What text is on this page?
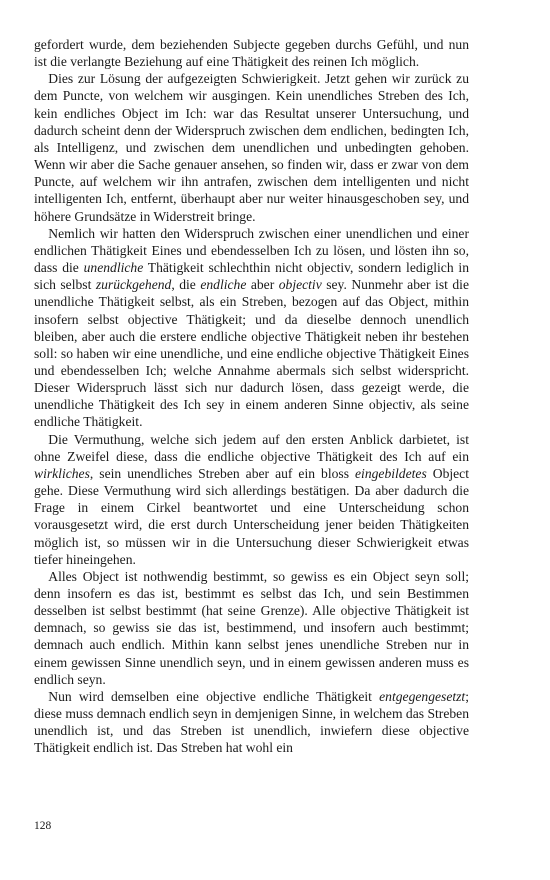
gefordert wurde, dem beziehenden Subjecte gegeben durchs Gefühl, und nun ist die verlangte Beziehung auf eine Thätigkeit des reinen Ich möglich.

Dies zur Lösung der aufgezeigten Schwierigkeit. Jetzt gehen wir zurück zu dem Puncte, von welchem wir ausgingen. Kein unendliches Streben des Ich, kein endliches Object im Ich: war das Resultat unserer Untersuchung, und dadurch scheint denn der Widerspruch zwischen dem endlichen, bedingten Ich, als Intelligenz, und zwischen dem unendlichen und unbedingten gehoben. Wenn wir aber die Sache genauer ansehen, so finden wir, dass er zwar von dem Puncte, auf welchem wir ihn antrafen, zwischen dem intelligenten und nicht intelligenten Ich, entfernt, überhaupt aber nur weiter hinausgeschoben sey, und höhere Grundsätze in Widerstreit bringe.

Nemlich wir hatten den Widerspruch zwischen einer unendlichen und einer endlichen Thätigkeit Eines und ebendesselben Ich zu lösen, und lösten ihn so, dass die unendliche Thätigkeit schlechthin nicht objectiv, sondern lediglich in sich selbst zurückgehend, die endliche aber objectiv sey. Nunmehr aber ist die unendliche Thätigkeit selbst, als ein Streben, bezogen auf das Object, mithin insofern selbst objective Thätigkeit; und da dieselbe dennoch unendlich bleiben, aber auch die erstere endliche objective Thätigkeit neben ihr bestehen soll: so haben wir eine unendliche, und eine endliche objective Thätigkeit Eines und ebendesselben Ich; welche Annahme abermals sich selbst widerspricht. Dieser Widerspruch lässt sich nur dadurch lösen, dass gezeigt werde, die unendliche Thätigkeit des Ich sey in einem anderen Sinne objectiv, als seine endliche Thätigkeit.

Die Vermuthung, welche sich jedem auf den ersten Anblick darbietet, ist ohne Zweifel diese, dass die endliche objective Thätigkeit des Ich auf ein wirkliches, sein unendliches Streben aber auf ein bloss eingebildetes Object gehe. Diese Vermuthung wird sich allerdings bestätigen. Da aber dadurch die Frage in einem Cirkel beantwortet und eine Unterscheidung schon vorausgesetzt wird, die erst durch Unterscheidung jener beiden Thätigkeiten möglich ist, so müssen wir in die Untersuchung dieser Schwierigkeit etwas tiefer hineingehen.

Alles Object ist nothwendig bestimmt, so gewiss es ein Object seyn soll; denn insofern es das ist, bestimmt es selbst das Ich, und sein Bestimmen desselben ist selbst bestimmt (hat seine Grenze). Alle objective Thätigkeit ist demnach, so gewiss sie das ist, bestimmend, und insofern auch bestimmt; demnach auch endlich. Mithin kann selbst jenes unendliche Streben nur in einem gewissen Sinne unendlich seyn, und in einem gewissen anderen muss es endlich seyn.

Nun wird demselben eine objective endliche Thätigkeit entgegengesetzt; diese muss demnach endlich seyn in demjenigen Sinne, in welchem das Streben unendlich ist, und das Streben ist unendlich, inwiefern diese objective Thätigkeit endlich ist. Das Streben hat wohl ein

128
